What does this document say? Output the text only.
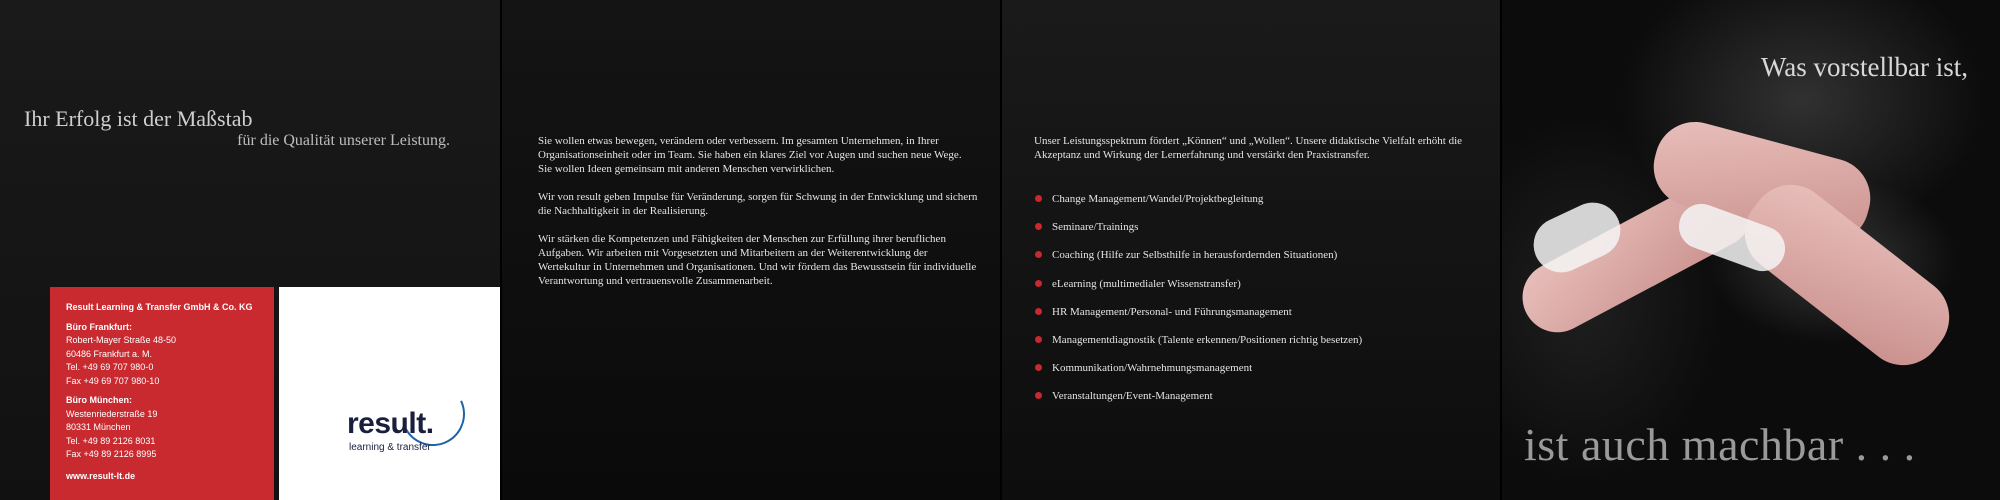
Ihr Erfolg ist der Maßstab
für die Qualität unserer Leistung.
Result Learning & Transfer GmbH & Co. KG
Büro Frankfurt:
Robert-Mayer Straße 48-50
60486 Frankfurt a. M.
Tel. +49 69 707 980-0
Fax +49 69 707 980-10
Büro München:
Westenriederstraße 19
80331 München
Tel. +49 89 2126 8031
Fax +49 89 2126 8995
www.result-lt.de
result.
learning & transfer

Sie wollen etwas bewegen, verändern oder verbessern. Im gesamten Unternehmen, in Ihrer Organisationseinheit oder im Team. Sie haben ein klares Ziel vor Augen und suchen neue Wege. Sie wollen Ideen gemeinsam mit anderen Menschen verwirklichen.

Wir von result geben Impulse für Veränderung, sorgen für Schwung in der Entwicklung und sichern die Nachhaltigkeit in der Realisierung.

Wir stärken die Kompetenzen und Fähigkeiten der Menschen zur Erfüllung ihrer beruflichen Aufgaben. Wir arbeiten mit Vorgesetzten und Mitarbeitern an der Weiterentwicklung der Wertekultur in Unternehmen und Organisationen. Und wir fördern das Bewusstsein für individuelle Verantwortung und vertrauensvolle Zusammenarbeit.

Unser Leistungsspektrum fördert „Können“ und „Wollen“. Unsere didaktische Vielfalt erhöht die Akzeptanz und Wirkung der Lernerfahrung und verstärkt den Praxistransfer.

Change Management/Wandel/Projektbegleitung
Seminare/Trainings
Coaching (Hilfe zur Selbsthilfe in herausfordernden Situationen)
eLearning (multimedialer Wissenstransfer)
HR Management/Personal- und Führungsmanagement
Managementdiagnostik (Talente erkennen/Positionen richtig besetzen)
Kommunikation/Wahrnehmungsmanagement
Veranstaltungen/Event-Management
Was vorstellbar ist,
ist auch machbar . . .
